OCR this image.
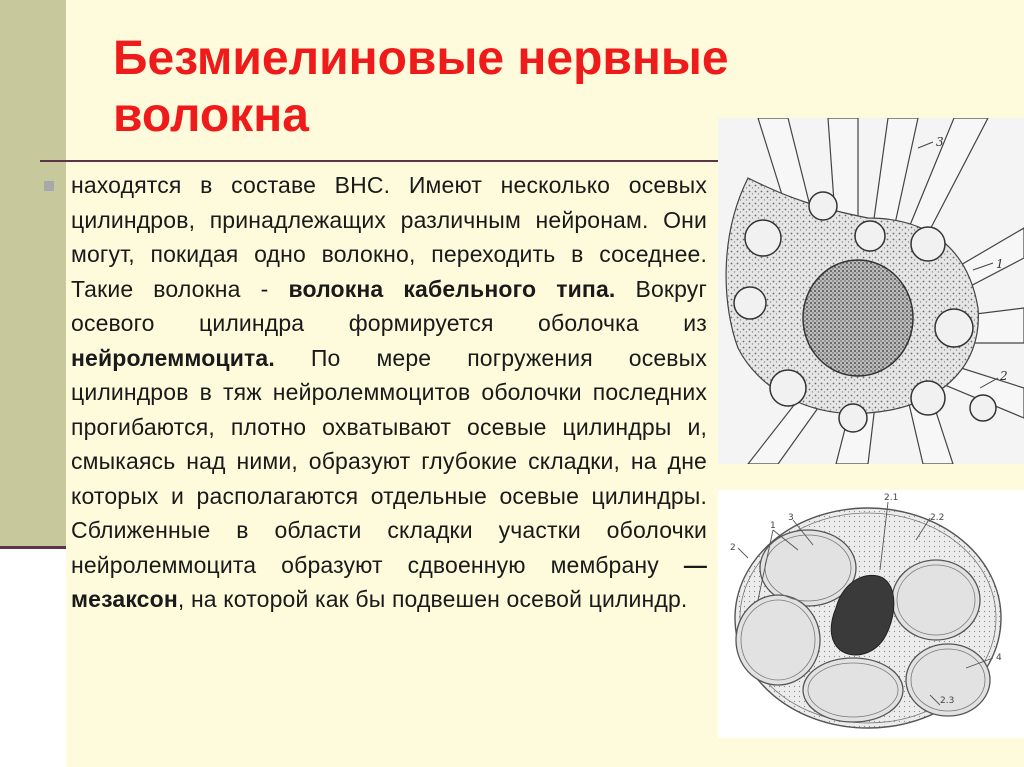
Безмиелиновые нервные волокна
находятся в составе ВНС. Имеют несколько осевых цилиндров, принадлежащих различным нейронам. Они могут, покидая одно волокно, переходить в соседнее. Такие волокна - волокна кабельного типа. Вокруг осевого цилиндра формируется оболочка из нейролеммоцита. По мере погружения осевых цилиндров в тяж нейролеммоцитов оболочки последних прогибаются, плотно охватывают осевые цилиндры и, смыкаясь над ними, образуют глубокие складки, на дне которых и располагаются отдельные осевые цилиндры. Сближенные в области складки участки оболочки нейролеммоцита образуют сдвоенную мембрану —мезаксон, на которой как бы подвешен осевой цилиндр.
3
1
2
2.1
3	2.2
1
2
4
2.3
